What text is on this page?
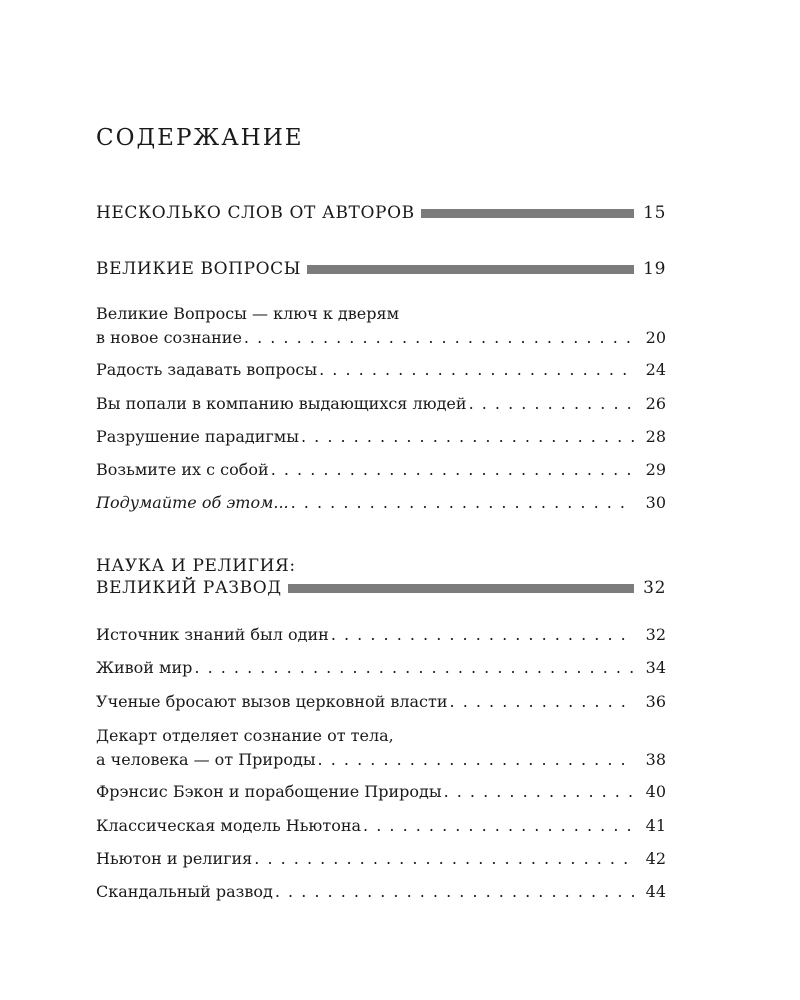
СОДЕРЖАНИЕ
НЕСКОЛЬКО СЛОВ ОТ АВТОРОВ	15
ВЕЛИКИЕ ВОПРОСЫ	19
Великие Вопросы — ключ к дверям
в новое сознание . . .	20
Радость задавать вопросы . . .	24
Вы попали в компанию выдающихся людей . . .	26
Разрушение парадигмы . . .	28
Возьмите их с собой . . .	29
Подумайте об этом... . . .	30
НАУКА И РЕЛИГИЯ:
ВЕЛИКИЙ РАЗВОД	32
Источник знаний был один . . .	32
Живой мир . . .	34
Ученые бросают вызов церковной власти . . .	36
Декарт отделяет сознание от тела,
а человека — от Природы . . .	38
Фрэнсис Бэкон и порабощение Природы . . .	40
Классическая модель Ньютона . . .	41
Ньютон и религия . . .	42
Скандальный развод . . .	44
